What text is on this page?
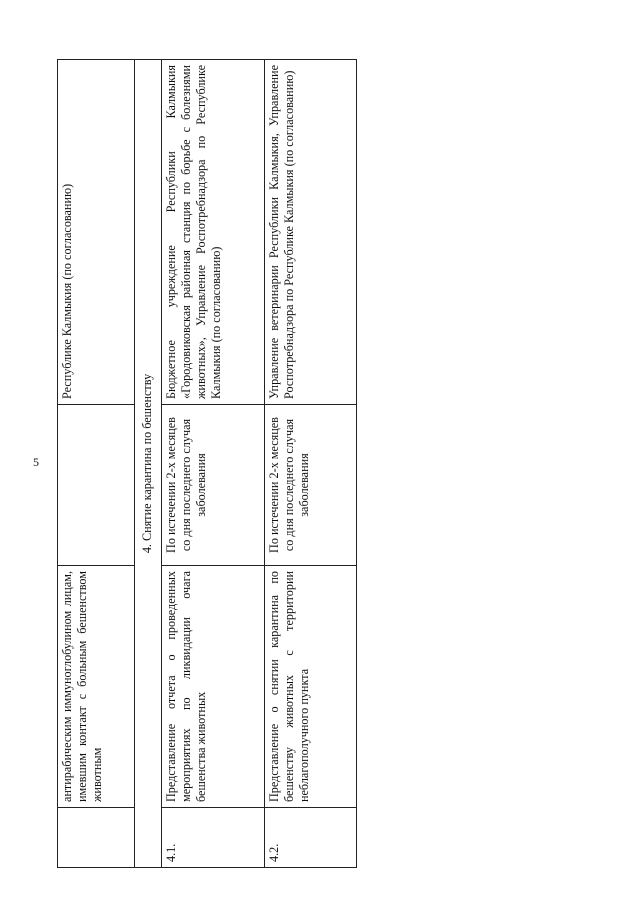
5
	антирабическим иммуноглобулином лицам, имевшим контакт с больным бешенством животным		Республике Калмыкия (по согласованию)
4. Снятие карантина по бешенству			
4.1.	Представление отчета о проведенных мероприятиях по ликвидации очага бешенства животных	По истечении 2-х месяцев со дня последнего случая заболевания	Бюджетное учреждение Республики Калмыкия «Городовиковская районная станция по борьбе с болезнями животных», Управление Роспотребнадзора по Республике Калмыкия (по согласованию)
4.2.	Представление о снятии карантина по бешенству животных с территории неблагополучного пункта	По истечении 2-х месяцев со дня последнего случая заболевания	Управление ветеринарии Республики Калмыкия, Управление Роспотребнадзора по Республике Калмыкия (по согласованию)
